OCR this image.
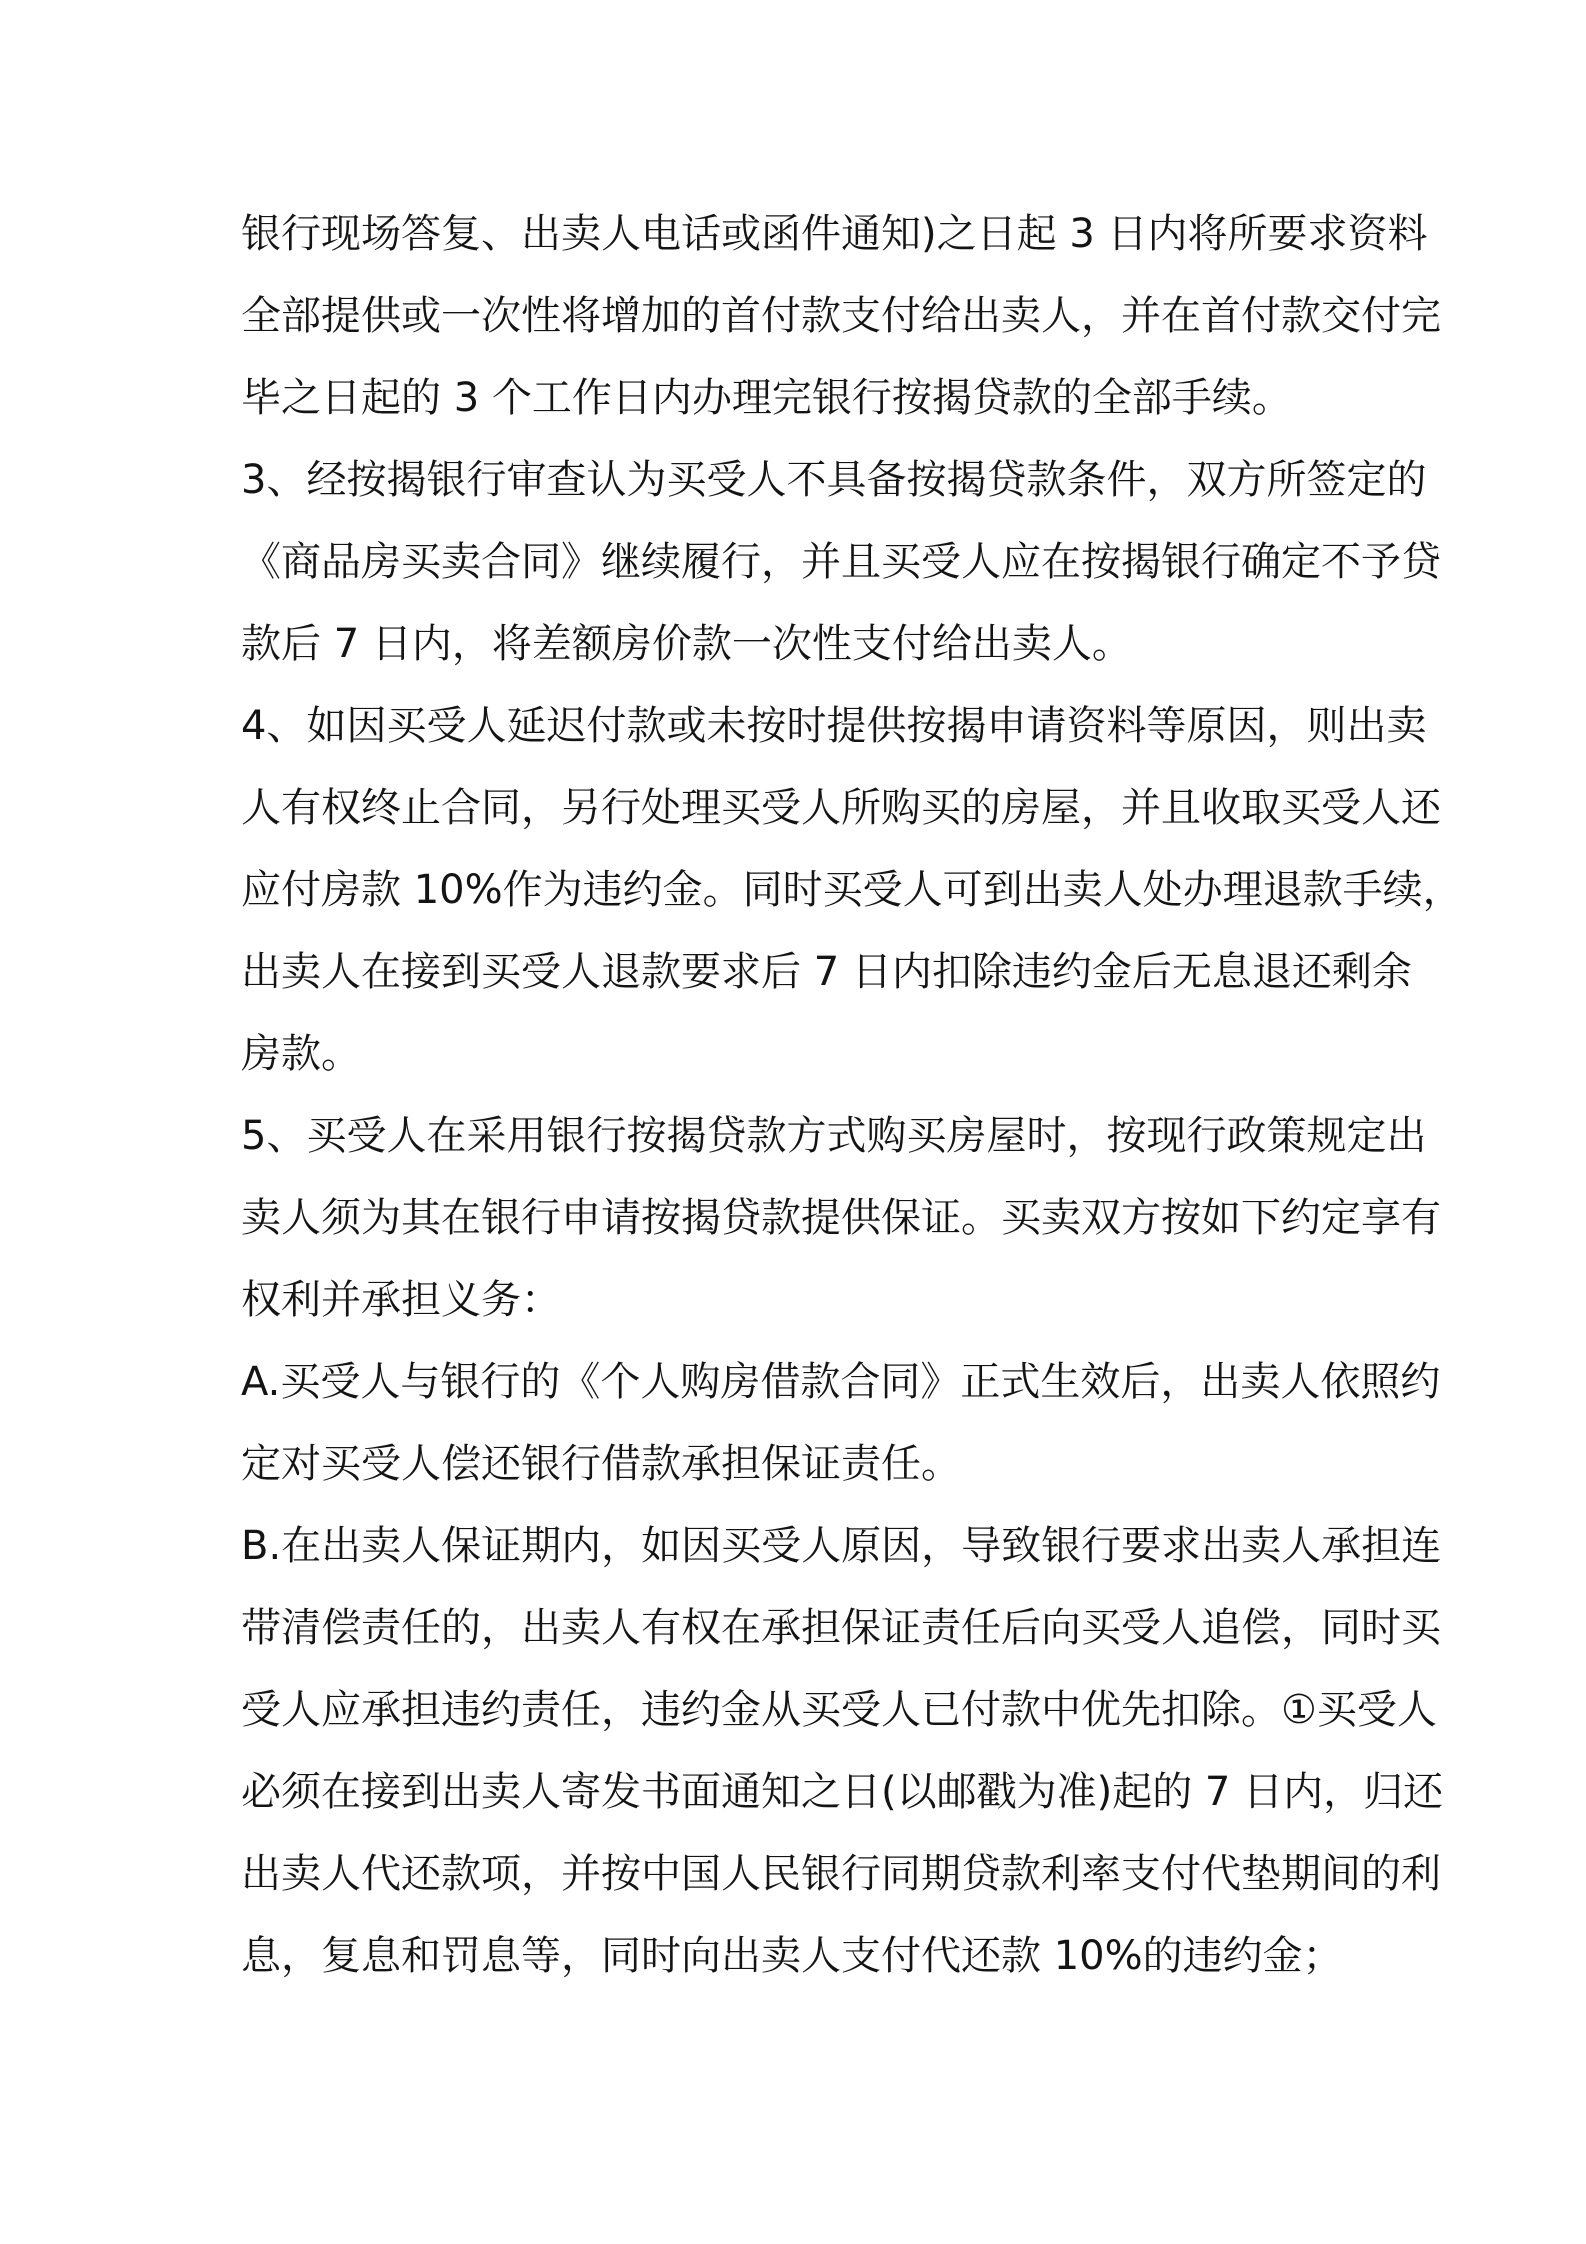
银行现场答复、出卖人电话或函件通知)之日起 3 日内将所要求资料
全部提供或一次性将增加的首付款支付给出卖人，并在首付款交付完
毕之日起的 3 个工作日内办理完银行按揭贷款的全部手续。
3、经按揭银行审查认为买受人不具备按揭贷款条件，双方所签定的
《商品房买卖合同》继续履行，并且买受人应在按揭银行确定不予贷
款后 7 日内，将差额房价款一次性支付给出卖人。
4、如因买受人延迟付款或未按时提供按揭申请资料等原因，则出卖
人有权终止合同，另行处理买受人所购买的房屋，并且收取买受人还
应付房款 10%作为违约金。同时买受人可到出卖人处办理退款手续，
出卖人在接到买受人退款要求后 7 日内扣除违约金后无息退还剩余
房款。
5、买受人在采用银行按揭贷款方式购买房屋时，按现行政策规定出
卖人须为其在银行申请按揭贷款提供保证。买卖双方按如下约定享有
权利并承担义务：
A.买受人与银行的《个人购房借款合同》正式生效后，出卖人依照约
定对买受人偿还银行借款承担保证责任。
B.在出卖人保证期内，如因买受人原因，导致银行要求出卖人承担连
带清偿责任的，出卖人有权在承担保证责任后向买受人追偿，同时买
受人应承担违约责任，违约金从买受人已付款中优先扣除。①买受人
必须在接到出卖人寄发书面通知之日(以邮戳为准)起的 7 日内，归还
出卖人代还款项，并按中国人民银行同期贷款利率支付代垫期间的利
息，复息和罚息等，同时向出卖人支付代还款 10%的违约金；
